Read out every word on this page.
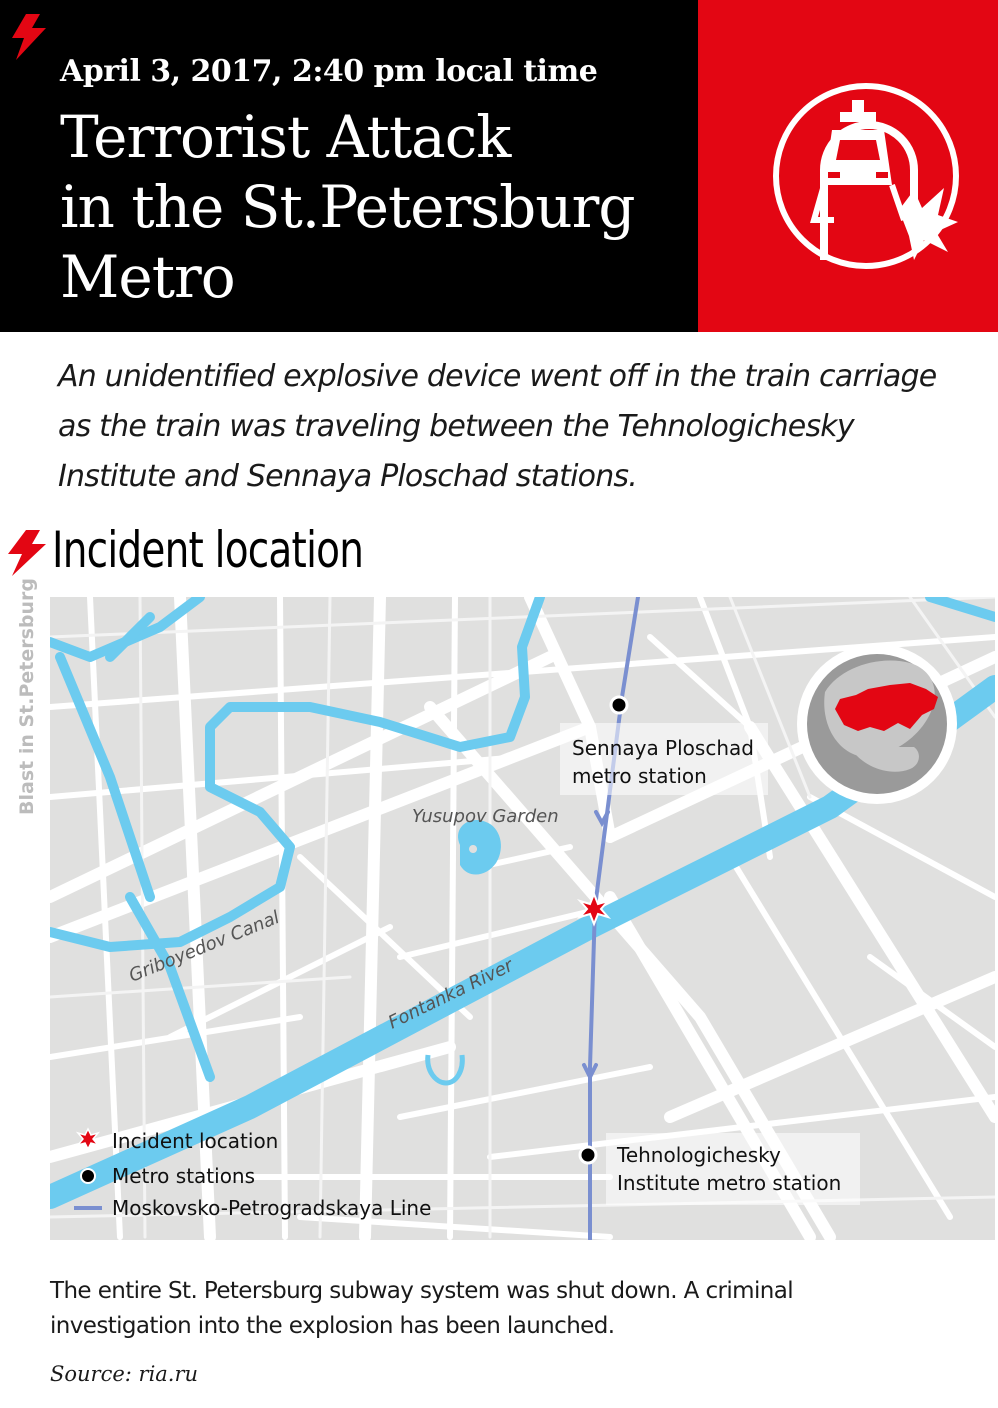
April 3, 2017, 2:40 pm local time
Terrorist Attack
in the St.Petersburg
Metro
An unidentified explosive device went off in the train carriage
as the train was traveling between the Tehnologichesky
Institute and Sennaya Ploschad stations.
Incident location
Blast in St.Petersburg	Sennaya Ploschad
metro station
Tehnologichesky
Institute metro station
Yusupov Garden
Griboyedov Canal
Fontanka River
Incident location
Metro stations
Moskovsko-Petrogradskaya Line
The entire St. Petersburg subway system was shut down. A criminal
investigation into the explosion has been launched.
Source: ria.ru
